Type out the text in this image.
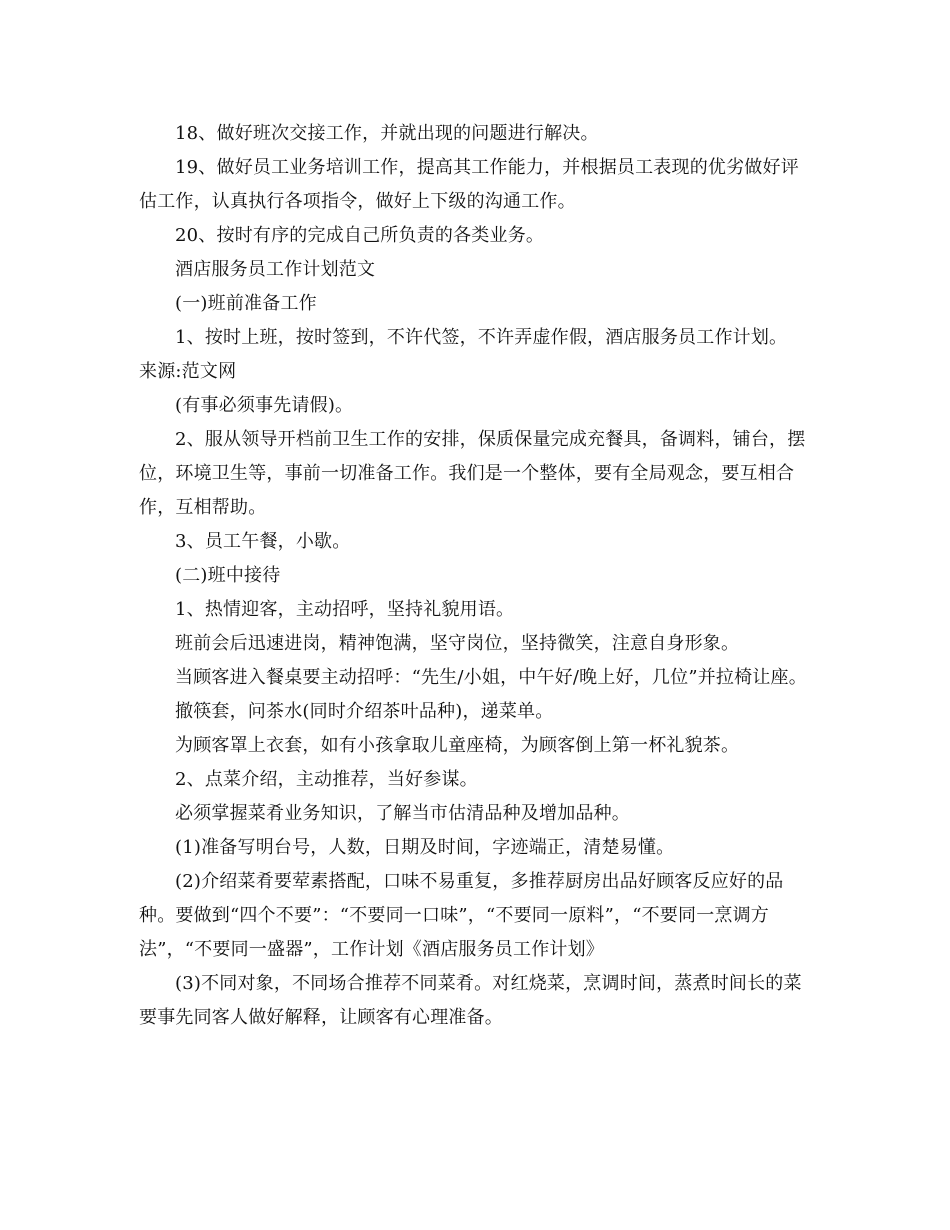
18、做好班次交接工作，并就出现的问题进行解决。

19、做好员工业务培训工作，提高其工作能力，并根据员工表现的优劣做好评估工作，认真执行各项指令，做好上下级的沟通工作。

20、按时有序的完成自己所负责的各类业务。

酒店服务员工作计划范文

(一)班前准备工作

1、按时上班，按时签到，不许代签，不许弄虚作假，酒店服务员工作计划。

来源:范文网

(有事必须事先请假)。

2、服从领导开档前卫生工作的安排，保质保量完成充餐具，备调料，铺台，摆位，环境卫生等，事前一切准备工作。我们是一个整体，要有全局观念，要互相合作，互相帮助。

3、员工午餐，小歇。

(二)班中接待

1、热情迎客，主动招呼，坚持礼貌用语。

班前会后迅速进岗，精神饱满，坚守岗位，坚持微笑，注意自身形象。

当顾客进入餐桌要主动招呼：“先生/小姐，中午好/晚上好，几位”并拉椅让座。

撤筷套，问茶水(同时介绍茶叶品种)，递菜单。

为顾客罩上衣套，如有小孩拿取儿童座椅，为顾客倒上第一杯礼貌茶。

2、点菜介绍，主动推荐，当好参谋。

必须掌握菜肴业务知识，了解当市估清品种及增加品种。

(1)准备写明台号，人数，日期及时间，字迹端正，清楚易懂。

(2)介绍菜肴要荤素搭配，口味不易重复，多推荐厨房出品好顾客反应好的品种。要做到“四个不要”：“不要同一口味”，“不要同一原料”，“不要同一烹调方法”，“不要同一盛器”，工作计划《酒店服务员工作计划》

(3)不同对象，不同场合推荐不同菜肴。对红烧菜，烹调时间，蒸煮时间长的菜要事先同客人做好解释，让顾客有心理准备。
